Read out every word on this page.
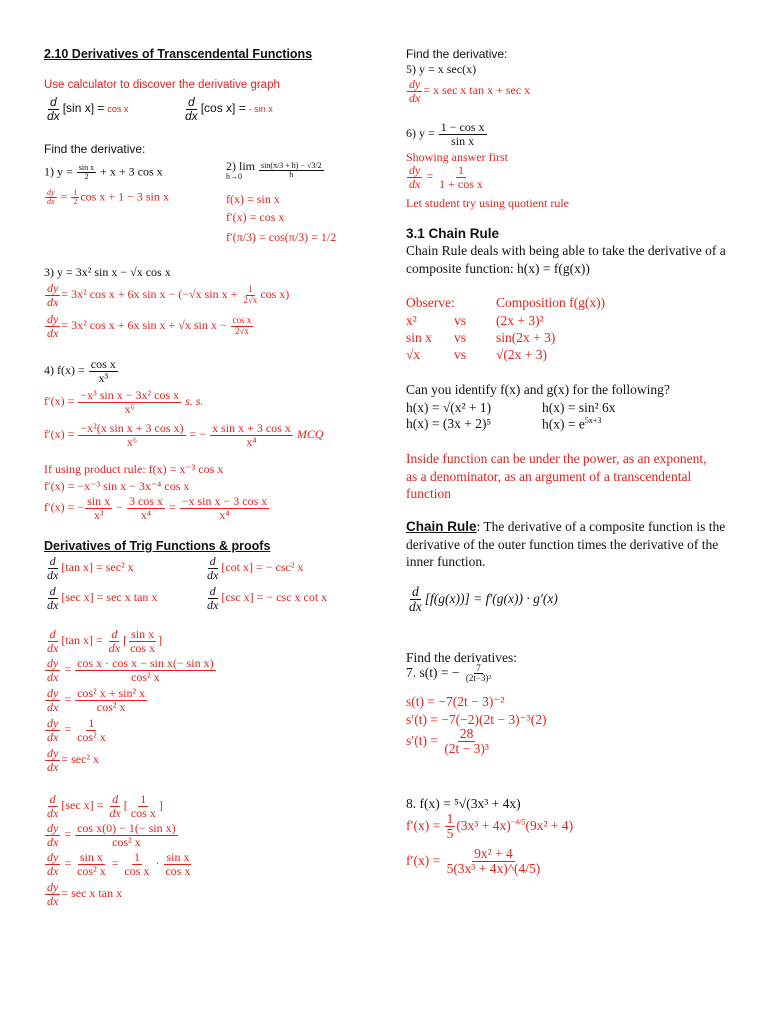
2.10 Derivatives of Transcendental Functions
Use calculator to discover the derivative graph
$\frac{d}{dx} [\sin$ x] = cos x	$\frac{d}{dx} [\cos$ x] = - sin x
Find the derivative:
1) $y = \frac{\text{sin x}}{2} + x + 3$ cos x
$\frac{dy}{dx} = \frac{1}{2}$ cos x + 1 − 3 sin x
2) lim
h→0
	$\frac{\sin(\pi/3 + h) - √3/2}{h}$
f(x) = sin x
f′(x) = cos x
f′(π/3) = cos(π/3) = 1/2
3) y = 3x² sin x − √x cos x
$\frac{dy}{dx} = 3x^2$ cos x + 6x sin x − (−√x $\sin x + \frac{1}{2√x}$ cos x)
$\frac{dy}{dx} = 3x^2$ cos x + 6x sin x + √x $\sin x - \frac{\text{cos x}}{2√x}$
4) $f(x) = \frac{\text{cos x}}{\text{x³}}$
$f'(x) = \frac{\text{−x³ sin x − 3x² cos x}}{\text{x⁶}} s$. s.
$f'(x) = \frac{\text{−x²(x sin x + 3 cos x)}}{\text{x⁶}}$ = − $\frac{\text{x sin x + 3 cos x}}{\text{x⁴}}$ MCQ
If using product rule: f(x) = x⁻³ cos x
f′(x) = −x⁻³ sin x − 3x⁻⁴ cos x
f′(x) = − $\frac{\text{sin x}}{\text{x³}} - \frac{\text{3 cos x}}{\text{x⁴}} = \frac{\text{−x sin x − 3 cos x}}{\text{x⁴}}$
Derivatives of Trig Functions & proofs
$\frac{d}{dx} [\tan$ x] = sec² x	$\frac{d}{dx} [\cot$ x] = − csc² x
$\frac{d}{dx} [\sec$ x] = sec x tan x	$\frac{d}{dx} [\csc$ x] = − csc x cot x
$\frac{d}{dx} [\tan$ $x] = \frac{d}{dx}$ [ $\frac{\text{sin x}}{\text{cos x}}$ ]
$\frac{dy}{dx} = \frac{\text{cos x · cos x − sin x(− sin x)}}{\text{cos² x}}$
$\frac{dy}{dx} = \frac{\text{cos² x + sin² x}}{\text{cos² x}}$
$\frac{dy}{dx} = \frac{1}{\text{cos² x}}$
$\frac{dy}{dx} = \sec^2$ x
$\frac{d}{dx} [\sec$ $x] = \frac{d}{dx}$ [ $\frac{1}{\text{cos x}}$ ]
$\frac{dy}{dx} = \frac{\text{cos x(0) − 1(− sin x)}}{\text{cos² x}}$
$\frac{dy}{dx} = \frac{\text{sin x}}{\text{cos² x}} = \frac{1}{\text{cos x}} \cdot \frac{\text{sin x}}{\text{cos x}}$
$\frac{dy}{dx} = \sec x$ tan x
Find the derivative:
5) y = x sec(x)
$\frac{dy}{dx} = x$ sec x tan x + sec x
6) $y = \frac{\text{1 − cos x}}{\text{sin x}}$
Showing answer first
$\frac{dy}{dx} = \frac{1}{\text{1 + cos x}}$
Let student try using quotient rule
3.1 Chain Rule
Chain Rule deals with being able to take the derivative of a composite function: h(x) = f(g(x))
Observe:	Composition f(g(x))
x²	vs (2x + 3)²
sin x vs sin(2x + 3)
√x	vs √(2x + 3)
Can you identify f(x) and g(x) for the following?
h(x) = √(x² + 1)	h(x) = sin² 6x
h(x) = (3x + 2)⁵	$h(x) = e^{5x+3}$
Inside function can be under the power, as an exponent, as a denominator, as an argument of a transcendental function
Chain Rule: The derivative of a composite function is the derivative of the outer function times the derivative of the inner function.
$\frac{d}{dx} [f(g(x))] = f'(g(x)) \cdot g'(x)$
Find the derivatives:
7. s(t) = − $\frac{7}{\text{(2t−3)²}}$
s(t) = −7(2t − 3)⁻²
s′(t) = −7(−2)(2t − 3)⁻³(2)
$s'(t) = \frac{28}{\text{(2t − 3)³}}$
8. f(x) = ⁵√(3x³ + 4x)
$f'(x) = \frac{1}{5} (3x^3 + 4x)^{-4/5}(9x^2 + 4)$
$f'(x) = \frac{\text{9x² + 4}}{\text{5(3x³ + 4x)\textasciicircum{}(4/5)}}$
